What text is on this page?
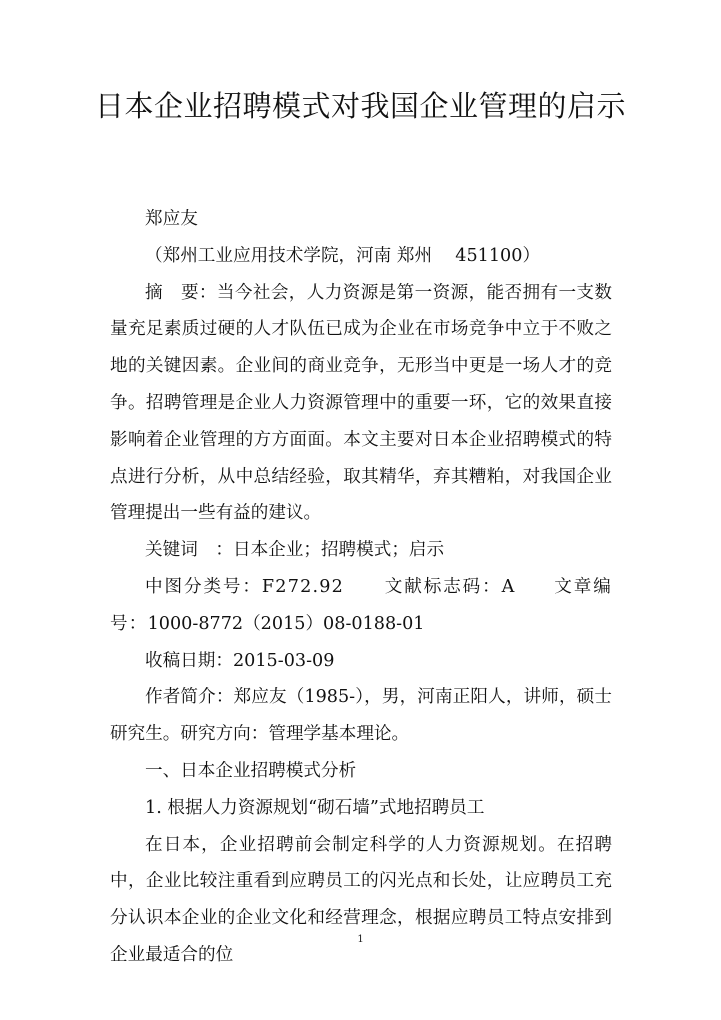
日本企业招聘模式对我国企业管理的启示

郑应友

（郑州工业应用技术学院，河南 郑州　 451100）

摘　要：当今社会，人力资源是第一资源，能否拥有一支数量充足素质过硬的人才队伍已成为企业在市场竞争中立于不败之地的关键因素。企业间的商业竞争，无形当中更是一场人才的竞争。招聘管理是企业人力资源管理中的重要一环，它的效果直接影响着企业管理的方方面面。本文主要对日本企业招聘模式的特点进行分析，从中总结经验，取其精华，弃其糟粕，对我国企业管理提出一些有益的建议。

关键词　：日本企业；招聘模式；启示

中图分类号：F272.92 文献标志码：A 文章编号：1000-8772（2015）08-0188-01

收稿日期：2015-03-09

作者简介：郑应友（1985-），男，河南正阳人，讲师，硕士研究生。研究方向：管理学基本理论。

一、日本企业招聘模式分析

1. 根据人力资源规划“砌石墙”式地招聘员工

在日本，企业招聘前会制定科学的人力资源规划。在招聘中，企业比较注重看到应聘员工的闪光点和长处，让应聘员工充分认识本企业的企业文化和经营理念，根据应聘员工特点安排到企业最适合的位

1
